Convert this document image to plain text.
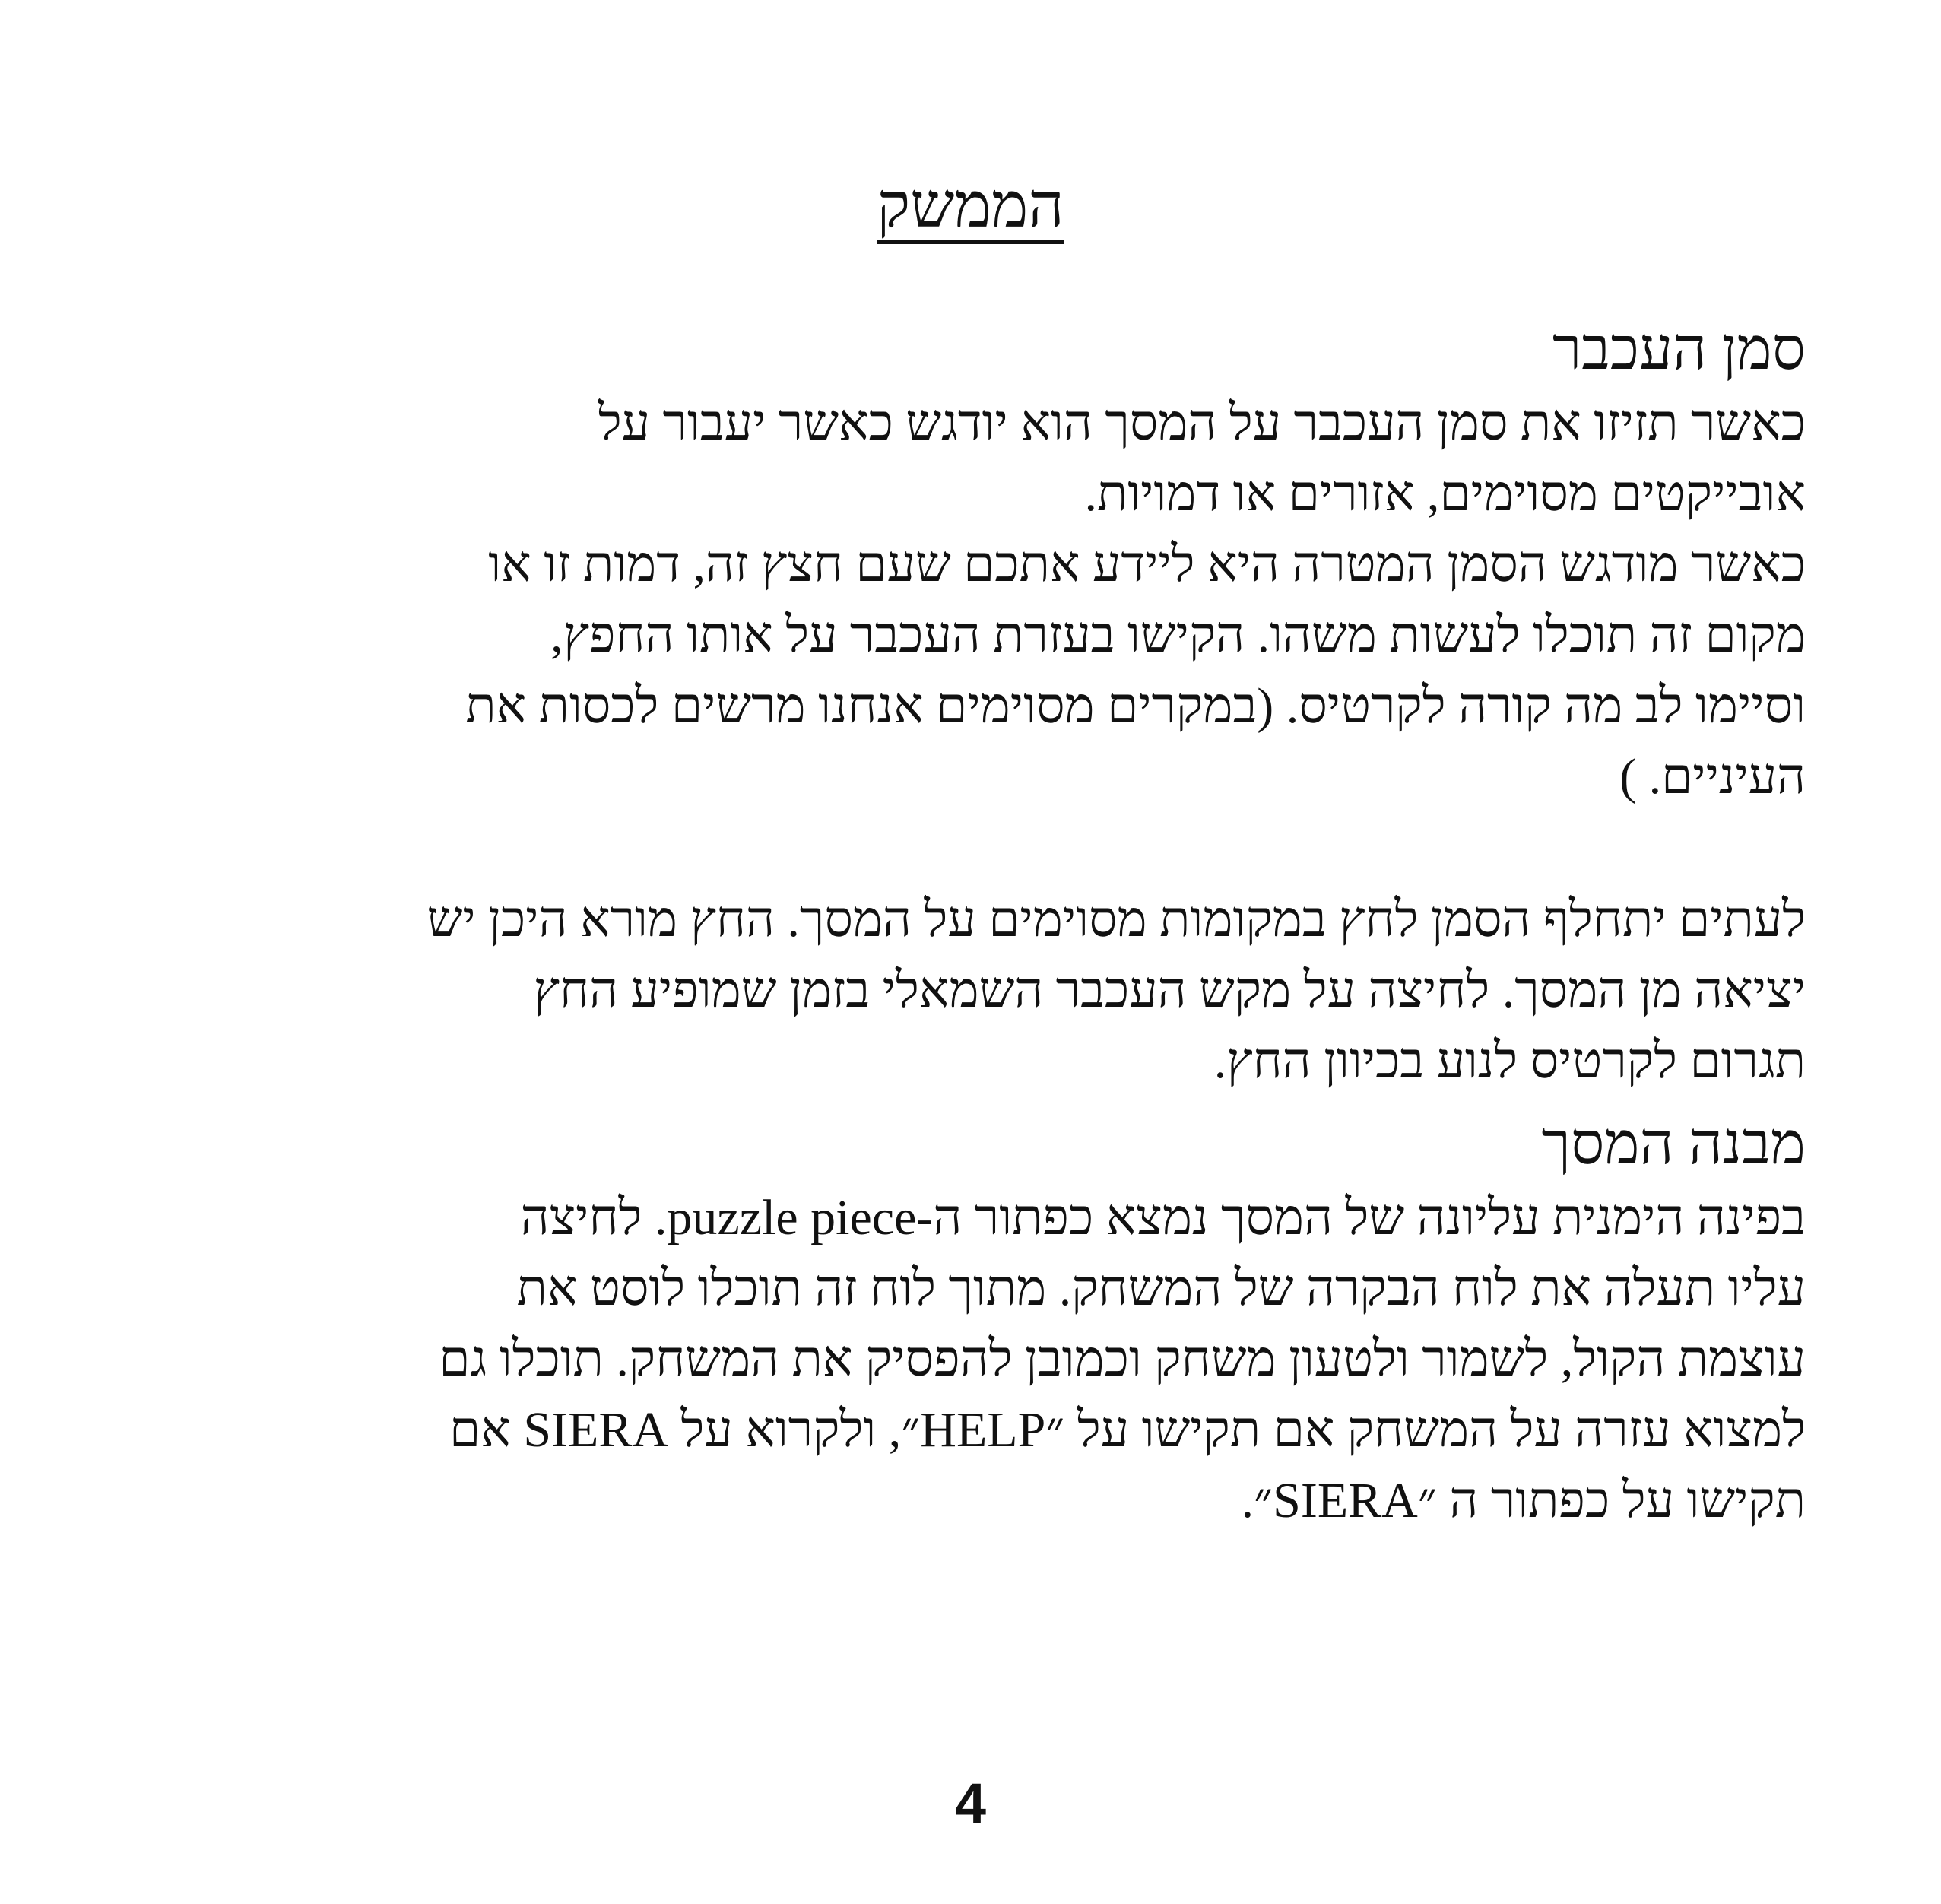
הממשק
סמן העכבר
כאשר תזיזו את סמן העכבר על המסך הוא יודגש כאשר יעבור על
אובייקטים מסוימים, אזורים או דמויות.
כאשר מודגש הסמן המטרה היא ליידע אתכם שעם חצץ זה, דמות זו או
מקום זה תוכלו לעשות משהו. הקישו בעזרת העכבר על אותו החפץ,
וסיימו לב מה קורה לקרטיס. (במקרים מסוימים אנחנו מרשים לכסות את
העיניים. )
לעתים יתחלף הסמן לחץ במקומות מסוימים על המסך. החץ מורא היכן יש
יציאה מן המסך. לחיצה על מקש העכבר השמאלי בזמן שמופיע החץ
תגרום לקרטיס לנוע בכיוון החץ.
מבנה המסך
בפינה הימנית עליונה של המסך נמצא כפתור ה-puzzle piece. לחיצה
עליו תעלה את לוח הבקרה של המשחק. מתוך לוח זה תוכלו לוסט את
עוצמת הקול, לשמור ולטעון משחק וכמובן להפסיק את המשחק. תוכלו גם
למצוא עזרה על המשחק אם תקישו על ״HELP״, ולקרוא על SIERA אם
תקישו על כפתור ה ״SIERA״.
4
